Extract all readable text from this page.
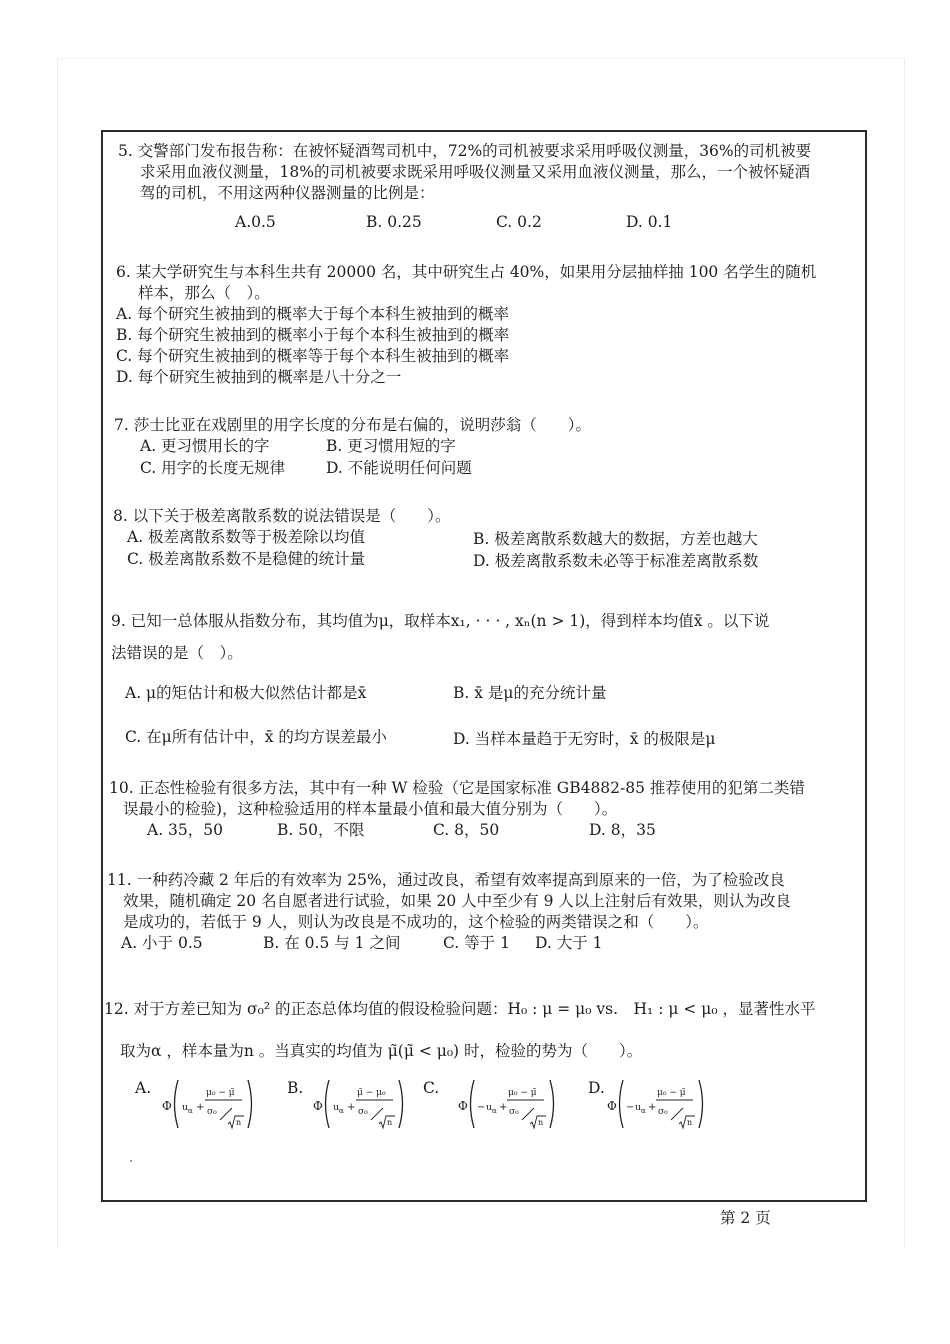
5. 交警部门发布报告称：在被怀疑酒驾司机中，72%的司机被要求采用呼吸仪测量，36%的司机被要

求采用血液仪测量，18%的司机被要求既采用呼吸仪测量又采用血液仪测量，那么，一个被怀疑酒

驾的司机，不用这两种仪器测量的比例是：

A.0.5	B. 0.25	C. 0.2	D. 0.1

6. 某大学研究生与本科生共有 20000 名，其中研究生占 40%，如果用分层抽样抽 100 名学生的随机

样本，那么（　）。

A. 每个研究生被抽到的概率大于每个本科生被抽到的概率

B. 每个研究生被抽到的概率小于每个本科生被抽到的概率

C. 每个研究生被抽到的概率等于每个本科生被抽到的概率

D. 每个研究生被抽到的概率是八十分之一

7. 莎士比亚在戏剧里的用字长度的分布是右偏的，说明莎翁（　　）。

A. 更习惯用长的字	B. 更习惯用短的字
C. 用字的长度无规律	D. 不能说明任何问题

8. 以下关于极差离散系数的说法错误是（　　）。

A. 极差离散系数等于极差除以均值	B. 极差离散系数越大的数据，方差也越大
C. 极差离散系数不是稳健的统计量	D. 极差离散系数未必等于标准差离散系数

9. 已知一总体服从指数分布，其均值为μ，取样本x₁, · · · , xₙ(n > 1)，得到样本均值x̄ 。以下说

法错误的是（　）。

A. μ的矩估计和极大似然估计都是x̄	B. x̄ 是μ的充分统计量
C. 在μ所有估计中，x̄ 的均方误差最小	D. 当样本量趋于无穷时，x̄ 的极限是μ

10. 正态性检验有很多方法，其中有一种 W 检验（它是国家标准 GB4882-85 推荐使用的犯第二类错

误最小的检验)，这种检验适用的样本量最小值和最大值分别为（　　）。

A. 35，50	B. 50，不限	C. 8，50	D. 8，35

11. 一种药冷藏 2 年后的有效率为 25%，通过改良，希望有效率提高到原来的一倍，为了检验改良

效果，随机确定 20 名自愿者进行试验，如果 20 人中至少有 9 人以上注射后有效果，则认为改良

是成功的，若低于 9 人，则认为改良是不成功的，这个检验的两类错误之和（　　）。

A. 小于 0.5	B. 在 0.5 与 1 之间	C. 等于 1 D. 大于 1

12. 对于方差已知为 σ₀² 的正态总体均值的假设检验问题：H₀ : μ = μ₀ vs.　H₁ : μ < μ₀ ，显著性水平

取为α ，样本量为n 。当真实的均值为 μ̃(μ̃ < μ₀) 时，检验的势为（　　）。

A.	B.	C.	D.
Φ u α +
μ₀ − μ̃
σ₀
n
Φ u α +
μ̃ − μ₀
σ₀
n
Φ − u α +
μ₀ − μ̃
σ₀
n
Φ − u α +
μ₀ − μ̃
σ₀
n
第 2 页
